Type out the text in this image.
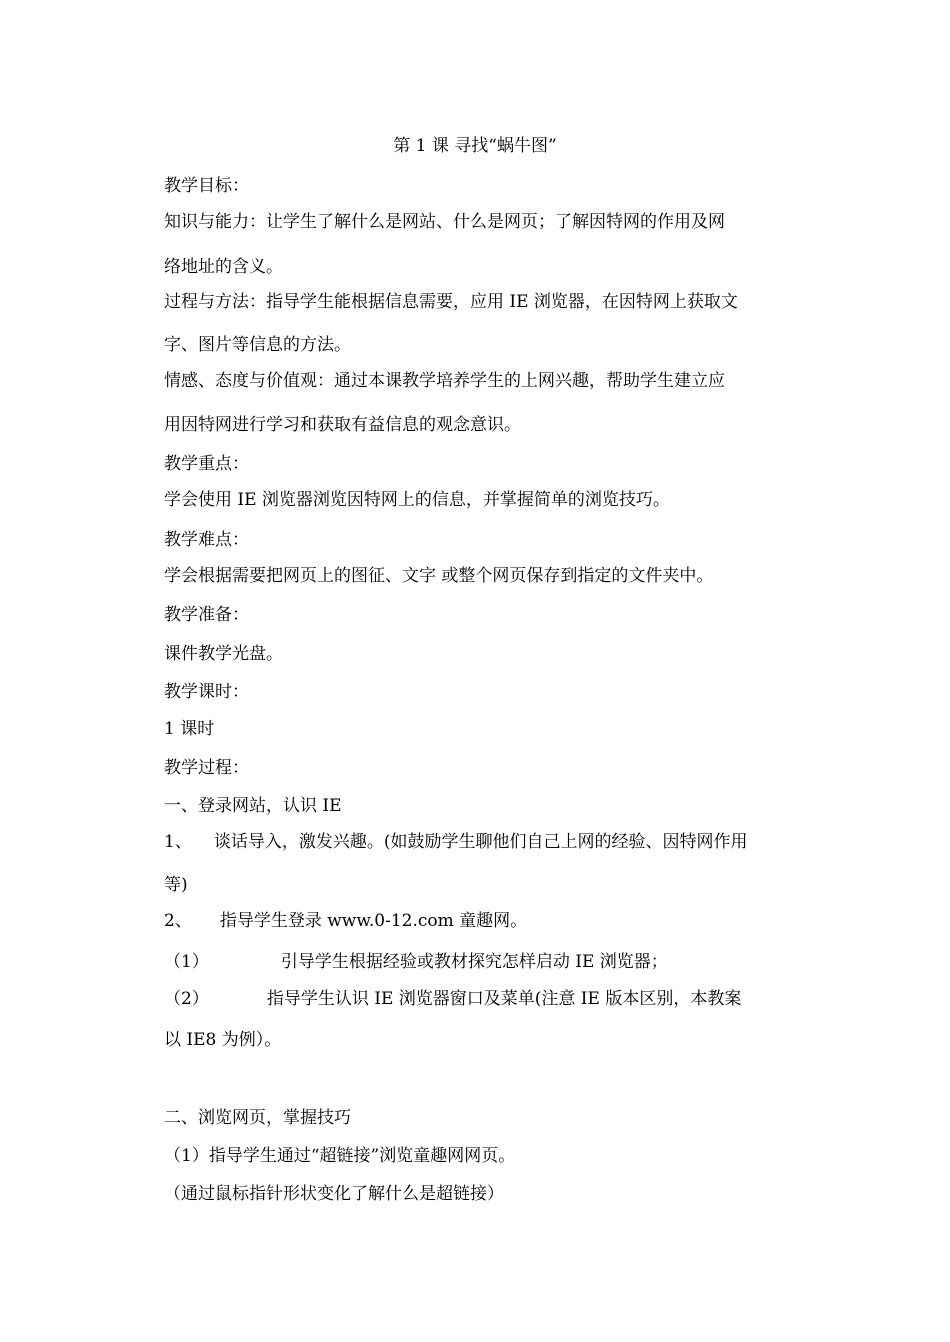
第 1 课 寻找“蜗牛图”
教学目标：
知识与能力：让学生了解什么是网站、什么是网页；了解因特网的作用及网
络地址的含义。
过程与方法：指导学生能根据信息需要，应用 IE 浏览器，在因特网上获取文
字、图片等信息的方法。
情感、态度与价值观：通过本课教学培养学生的上网兴趣，帮助学生建立应
用因特网进行学习和获取有益信息的观念意识。
教学重点：
学会使用 IE 浏览器浏览因特网上的信息，并掌握简单的浏览技巧。
教学难点：
学会根据需要把网页上的图征、文字 或整个网页保存到指定的文件夹中。
教学准备：
课件教学光盘。
教学课时：
1 课时
教学过程：
一、登录网站，认识 IE
1、 谈话导入，激发兴趣。(如鼓励学生聊他们自己上网的经验、因特网作用
等)
2、 指导学生登录 www.0-12.com 童趣网。
（1）	引导学生根据经验或教材探究怎样启动 IE 浏览器；
（2）	指导学生认识 IE 浏览器窗口及菜单(注意 IE 版本区别，本教案
以 IE8 为例）。
二、浏览网页，掌握技巧
（1）指导学生通过“超链接”浏览童趣网网页。
（通过鼠标指针形状变化了解什么是超链接）
